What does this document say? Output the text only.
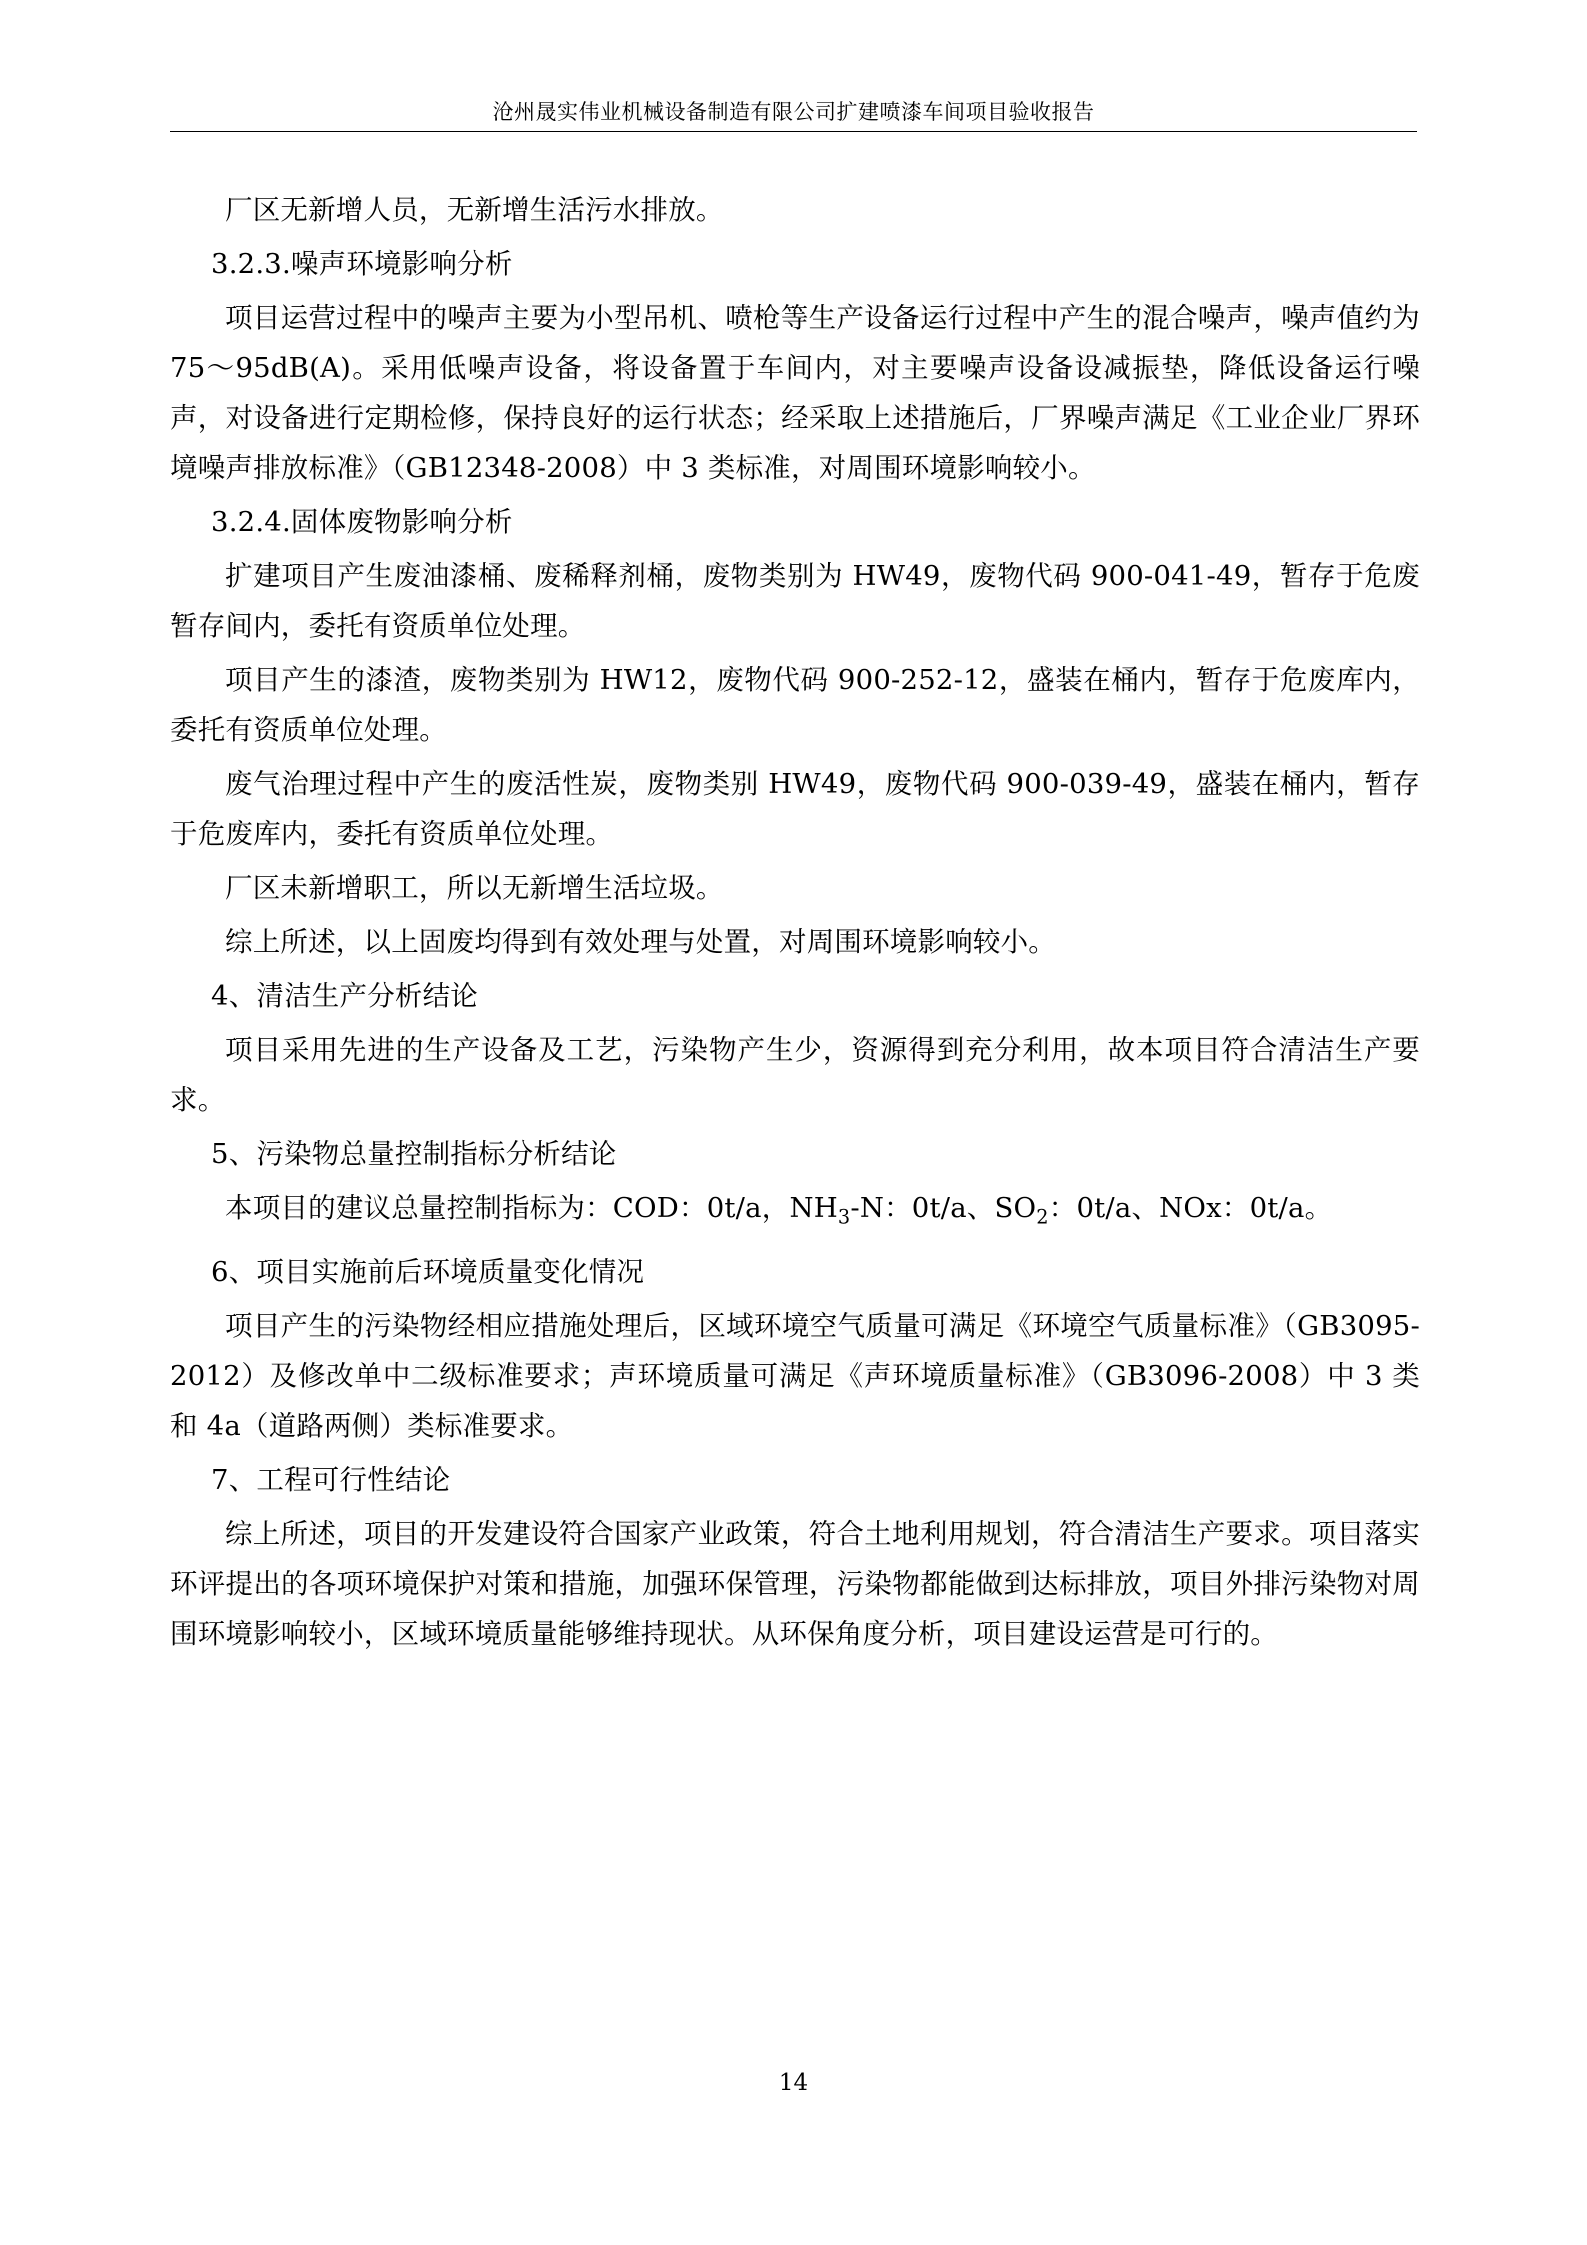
沧州晟实伟业机械设备制造有限公司扩建喷漆车间项目验收报告

厂区无新增人员，无新增生活污水排放。

3.2.3.噪声环境影响分析

项目运营过程中的噪声主要为小型吊机、喷枪等生产设备运行过程中产生的混合噪声，噪声值约为 75～95dB(A)。采用低噪声设备，将设备置于车间内，对主要噪声设备设减振垫，降低设备运行噪声，对设备进行定期检修，保持良好的运行状态；经采取上述措施后，厂界噪声满足《工业企业厂界环境噪声排放标准》（GB12348-2008）中 3 类标准，对周围环境影响较小。

3.2.4.固体废物影响分析

扩建项目产生废油漆桶、废稀释剂桶，废物类别为 HW49，废物代码 900-041-49，暂存于危废暂存间内，委托有资质单位处理。

项目产生的漆渣，废物类别为 HW12，废物代码 900-252-12，盛装在桶内，暂存于危废库内，委托有资质单位处理。

废气治理过程中产生的废活性炭，废物类别 HW49，废物代码 900-039-49，盛装在桶内，暂存于危废库内，委托有资质单位处理。

厂区未新增职工，所以无新增生活垃圾。

综上所述，以上固废均得到有效处理与处置，对周围环境影响较小。

4、清洁生产分析结论

项目采用先进的生产设备及工艺，污染物产生少，资源得到充分利用，故本项目符合清洁生产要求。

5、污染物总量控制指标分析结论

本项目的建议总量控制指标为：COD：0t/a，$NH_3-N$：0t/a、$SO_2$：0t/a、NOx：0t/a。

6、项目实施前后环境质量变化情况

项目产生的污染物经相应措施处理后，区域环境空气质量可满足《环境空气质量标准》（GB3095-2012）及修改单中二级标准要求；声环境质量可满足《声环境质量标准》（GB3096-2008）中 3 类和 4a（道路两侧）类标准要求。

7、工程可行性结论

综上所述，项目的开发建设符合国家产业政策，符合土地利用规划，符合清洁生产要求。项目落实环评提出的各项环境保护对策和措施，加强环保管理，污染物都能做到达标排放，项目外排污染物对周围环境影响较小，区域环境质量能够维持现状。从环保角度分析，项目建设运营是可行的。

14
